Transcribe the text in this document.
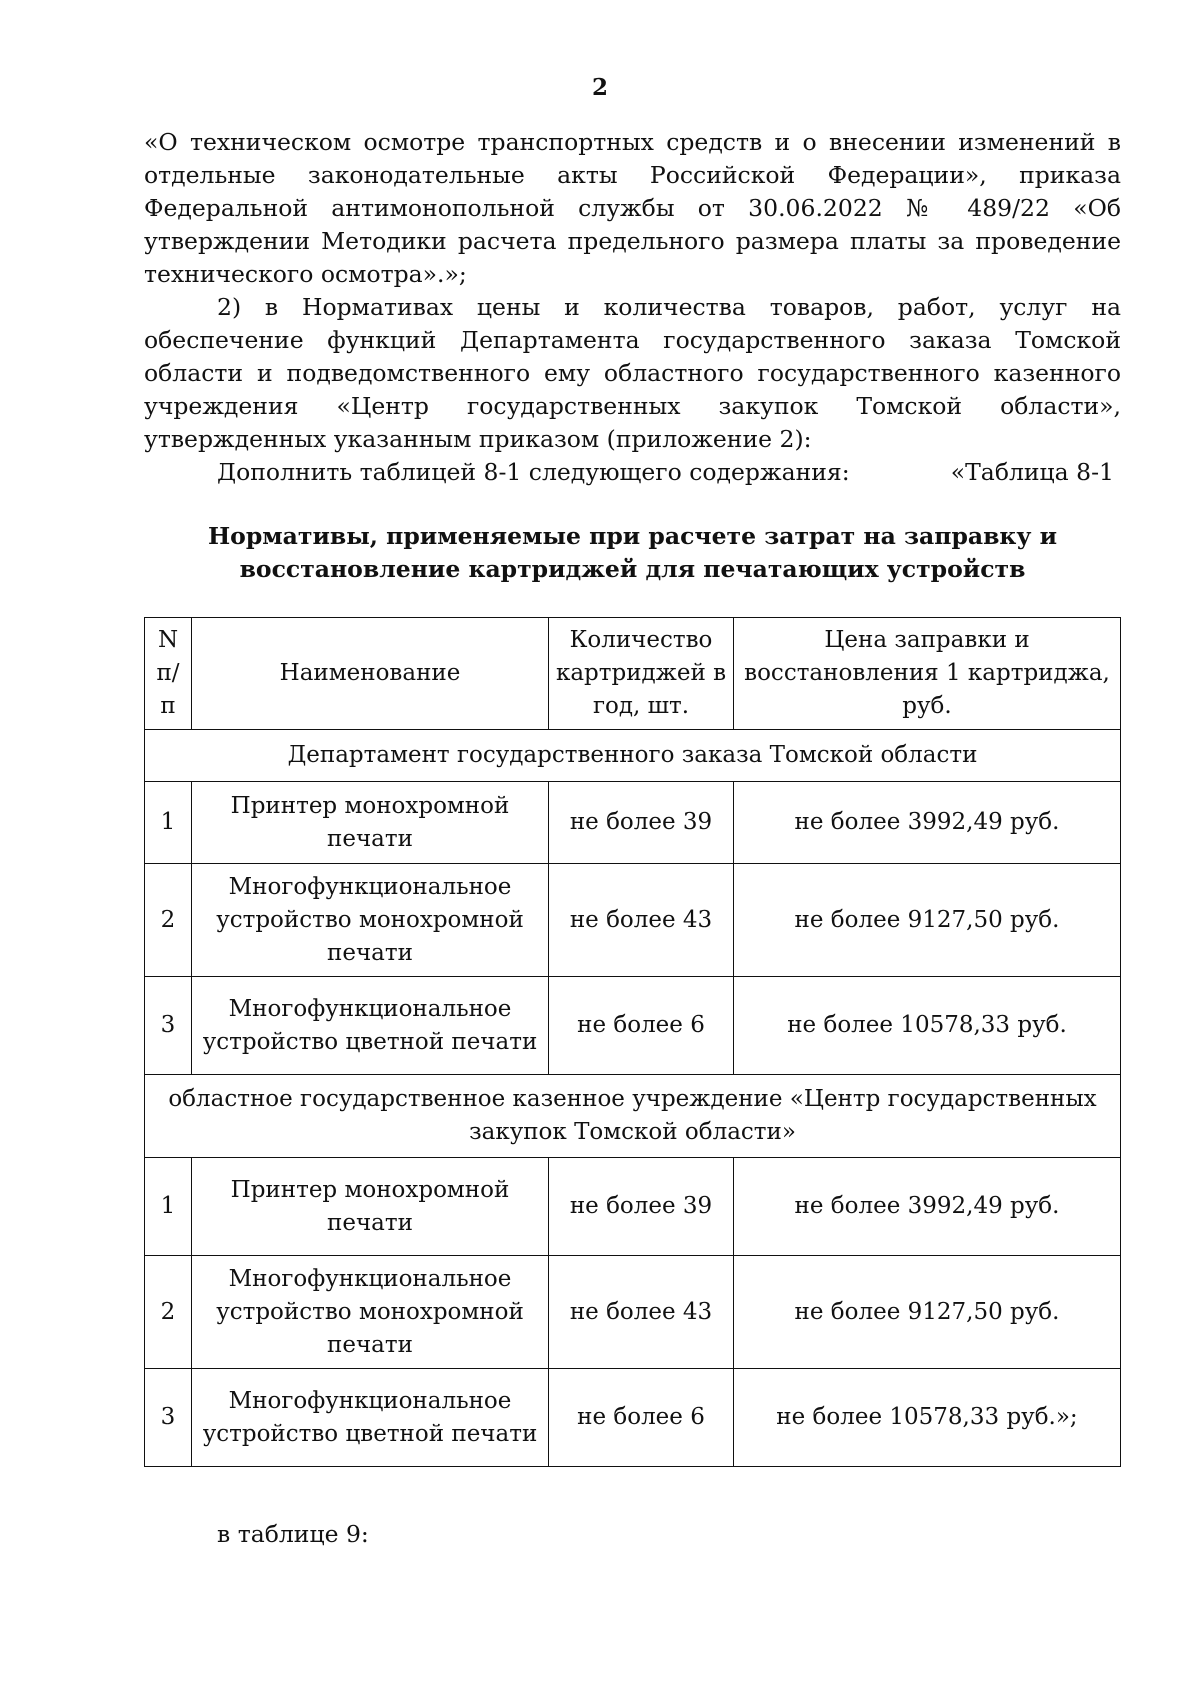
2

«О техническом осмотре транспортных средств и о внесении изменений в отдельные законодательные акты Российской Федерации», приказа Федеральной антимонопольной службы от 30.06.2022 № 489/22 «Об утверждении Методики расчета предельного размера платы за проведение технического осмотра».»;

2) в Нормативах цены и количества товаров, работ, услуг на обеспечение функций Департамента государственного заказа Томской области и подведомственного ему областного государственного казенного учреждения «Центр государственных закупок Томской области», утвержденных указанным приказом (приложение 2):

Дополнить таблицей 8-1 следующего содержания:	«Таблица 8-1
Нормативы, применяемые при расчете затрат на заправку и
восстановление картриджей для печатающих устройств
N п/п	Наименование	Количество картриджей в год, шт.	Цена заправки и восстановления 1 картриджа, руб.
Департамент государственного заказа Томской области			
1	Принтер монохромной печати	не более 39	не более 3992,49 руб.
2	Многофункциональное устройство монохромной печати	не более 43	не более 9127,50 руб.
3	Многофункциональное устройство цветной печати	не более 6	не более 10578,33 руб.
областное государственное казенное учреждение «Центр государственных закупок Томской области»			
1	Принтер монохромной печати	не более 39	не более 3992,49 руб.
2	Многофункциональное устройство монохромной печати	не более 43	не более 9127,50 руб.
3	Многофункциональное устройство цветной печати	не более 6	не более 10578,33 руб.»;
в таблице 9:
